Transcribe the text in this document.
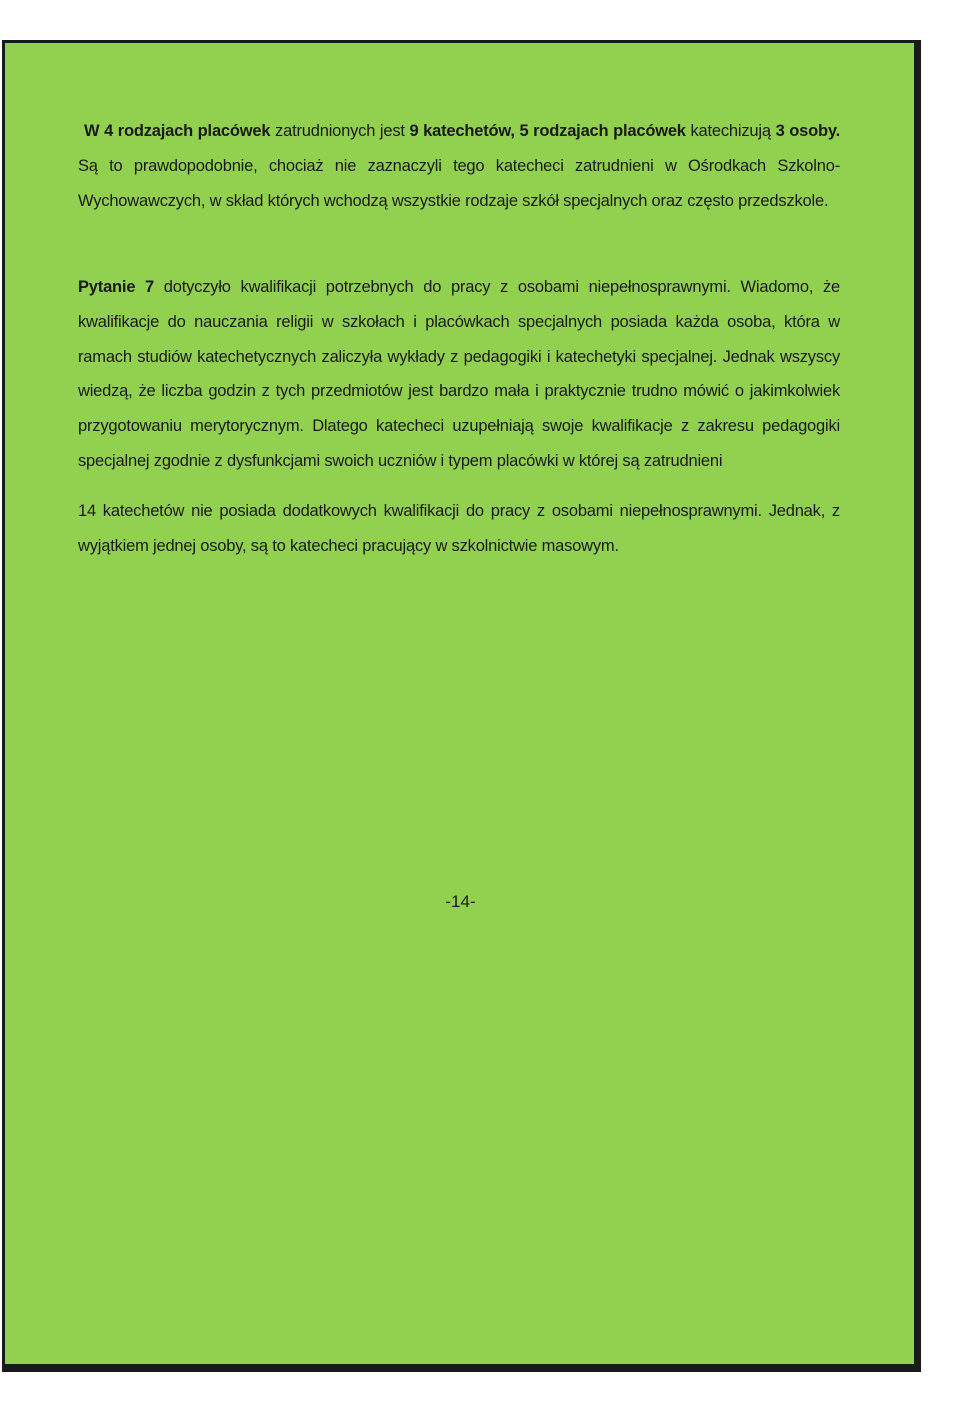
W 4 rodzajach placówek zatrudnionych jest 9 katechetów, 5 rodzajach placówek katechizują 3 osoby. Są to prawdopodobnie, chociaż nie zaznaczyli tego katecheci zatrudnieni w Ośrodkach Szkolno- Wychowawczych, w skład których wchodzą wszystkie rodzaje szkół specjalnych oraz często przedszkole.

Pytanie 7 dotyczyło kwalifikacji potrzebnych do pracy z osobami niepełnosprawnymi. Wiadomo, że kwalifikacje do nauczania religii w szkołach i placówkach specjalnych posiada każda osoba, która w ramach studiów katechetycznych zaliczyła wykłady z pedagogiki i katechetyki specjalnej. Jednak wszyscy wiedzą, że liczba godzin z tych przedmiotów jest bardzo mała i praktycznie trudno mówić o jakimkolwiek przygotowaniu merytorycznym. Dlatego katecheci uzupełniają swoje kwalifikacje z zakresu pedagogiki specjalnej zgodnie z dysfunkcjami swoich uczniów i typem placówki w której są zatrudnieni

14 katechetów nie posiada dodatkowych kwalifikacji do pracy z osobami niepełnosprawnymi. Jednak, z wyjątkiem jednej osoby, są to katecheci pracujący w szkolnictwie masowym.

-14-
